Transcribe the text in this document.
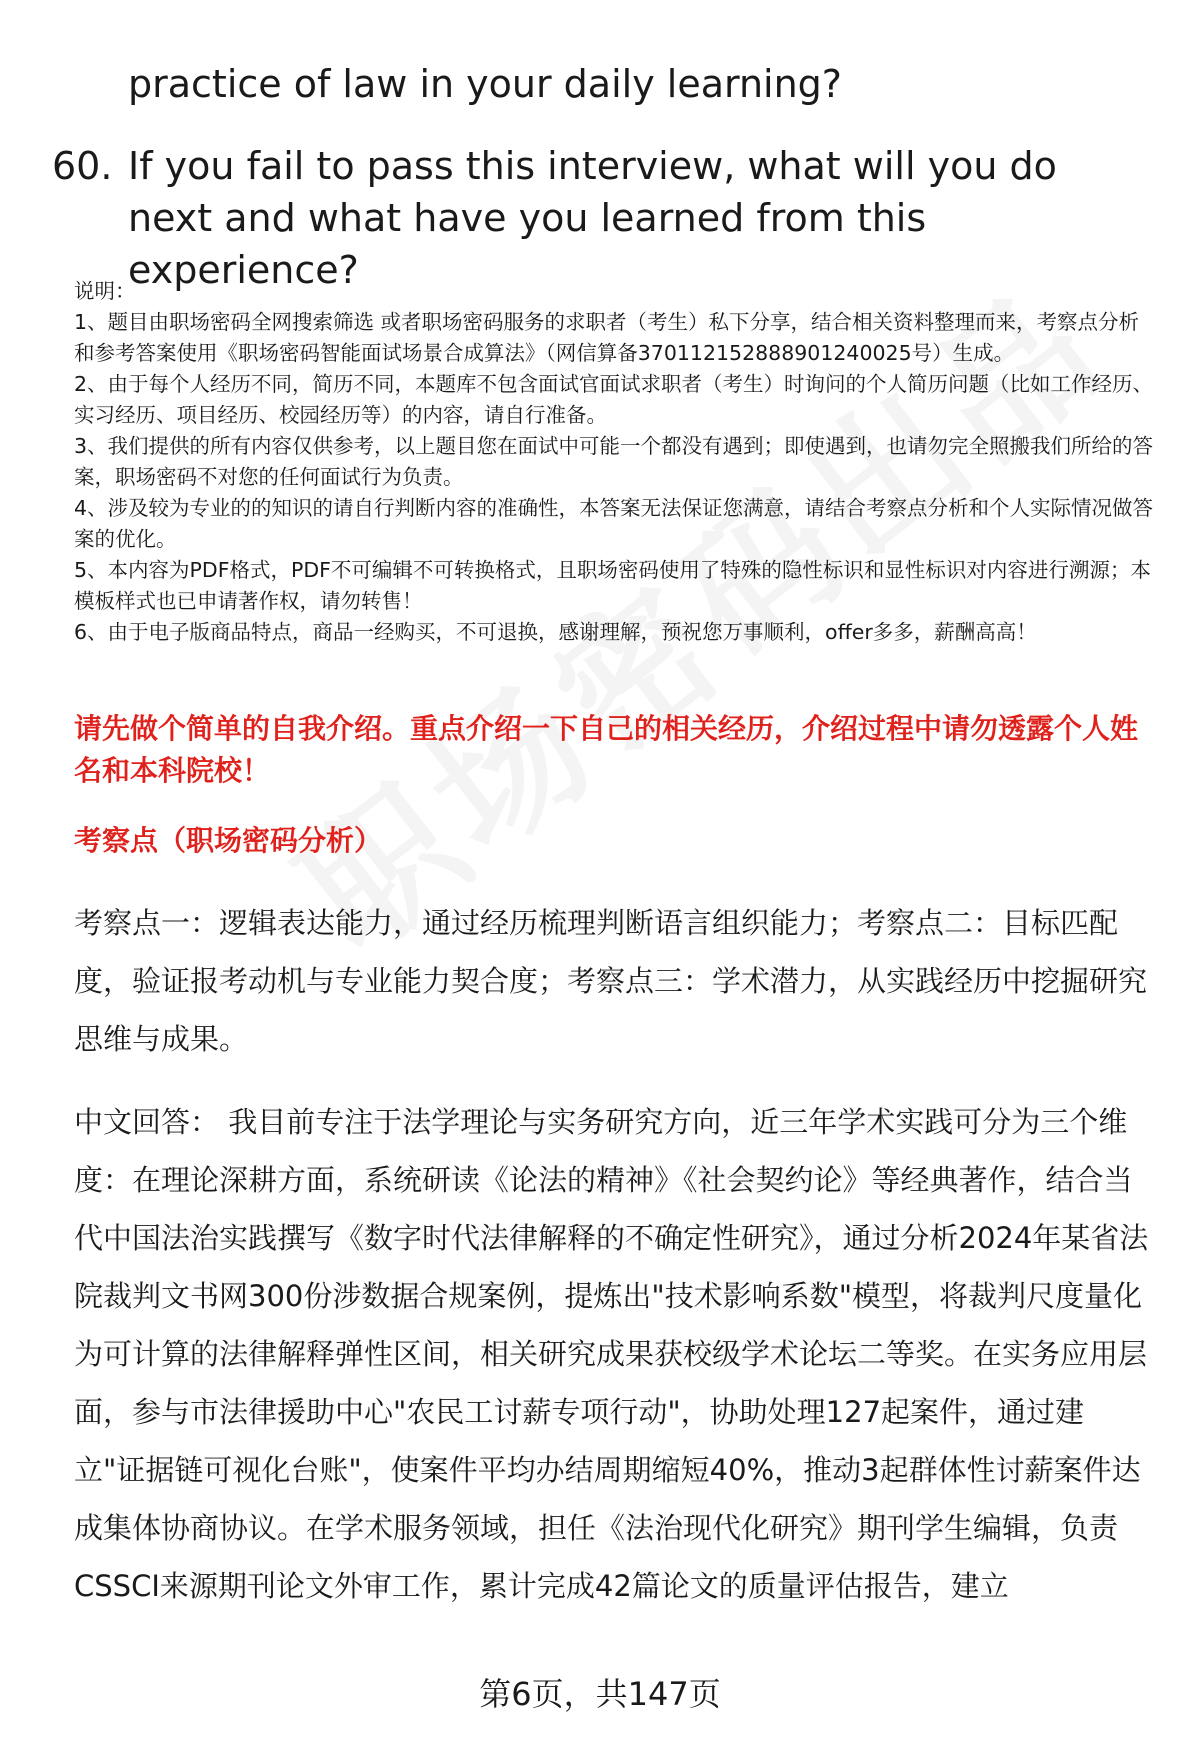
practice of law in your daily learning?

60. If you fail to pass this interview, what will you do next and what have you learned from this experience?
说明：
1、题目由职场密码全网搜索筛选 或者职场密码服务的求职者（考生）私下分享，结合相关资料整理而来，考察点分析和参考答案使用《职场密码智能面试场景合成算法》（网信算备370112152888901240025号）生成。
2、由于每个人经历不同，简历不同，本题库不包含面试官面试求职者（考生）时询问的个人简历问题（比如工作经历、实习经历、项目经历、校园经历等）的内容，请自行准备。
3、我们提供的所有内容仅供参考，以上题目您在面试中可能一个都没有遇到；即使遇到，也请勿完全照搬我们所给的答案，职场密码不对您的任何面试行为负责。
4、涉及较为专业的的知识的请自行判断内容的准确性，本答案无法保证您满意，请结合考察点分析和个人实际情况做答案的优化。
5、本内容为PDF格式，PDF不可编辑不可转换格式，且职场密码使用了特殊的隐性标识和显性标识对内容进行溯源；本模板样式也已申请著作权，请勿转售！
6、由于电子版商品特点，商品一经购买，不可退换，感谢理解，预祝您万事顺利，offer多多，薪酬高高！

请先做个简单的自我介绍。重点介绍一下自己的相关经历，介绍过程中请勿透露个人姓名和本科院校！

考察点（职场密码分析）

考察点一：逻辑表达能力，通过经历梳理判断语言组织能力；考察点二：目标匹配度，验证报考动机与专业能力契合度；考察点三：学术潜力，从实践经历中挖掘研究思维与成果。

中文回答： 我目前专注于法学理论与实务研究方向，近三年学术实践可分为三个维度：在理论深耕方面，系统研读《论法的精神》《社会契约论》等经典著作，结合当代中国法治实践撰写《数字时代法律解释的不确定性研究》，通过分析2024年某省法院裁判文书网300份涉数据合规案例，提炼出"技术影响系数"模型，将裁判尺度量化为可计算的法律解释弹性区间，相关研究成果获校级学术论坛二等奖。在实务应用层面，参与市法律援助中心"农民工讨薪专项行动"，协助处理127起案件，通过建立"证据链可视化台账"，使案件平均办结周期缩短40%，推动3起群体性讨薪案件达成集体协商协议。在学术服务领域，担任《法治现代化研究》期刊学生编辑，负责CSSCI来源期刊论文外审工作，累计完成42篇论文的质量评估报告，建立

第6页，共147页
